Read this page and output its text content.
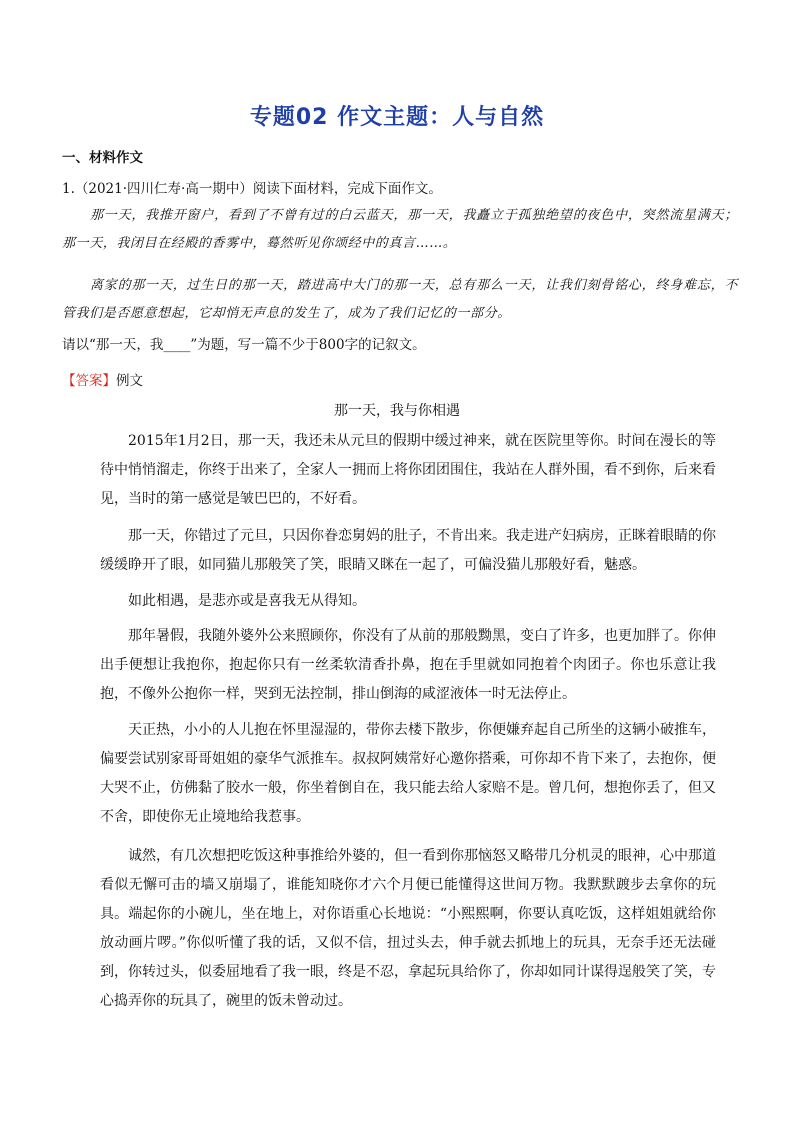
专题02 作文主题：人与自然
一、材料作文
1.（2021·四川仁寿·高一期中）阅读下面材料，完成下面作文。
那一天，我推开窗户，看到了不曾有过的白云蓝天，那一天，我矗立于孤独绝望的夜色中，突然流星满天；那一天，我闭目在经殿的香雾中，蓦然听见你颂经中的真言……。
离家的那一天，过生日的那一天，踏进高中大门的那一天，总有那么一天，让我们刻骨铭心，终身难忘，不管我们是否愿意想起，它却悄无声息的发生了，成为了我们记忆的一部分。
请以“那一天，我____”为题，写一篇不少于800字的记叙文。
【答案】例文
那一天，我与你相遇
2015年1月2日，那一天，我还未从元旦的假期中缓过神来，就在医院里等你。时间在漫长的等待中悄悄溜走，你终于出来了，全家人一拥而上将你团团围住，我站在人群外围，看不到你，后来看见，当时的第一感觉是皱巴巴的，不好看。
那一天，你错过了元旦，只因你眷恋舅妈的肚子，不肯出来。我走进产妇病房，正眯着眼睛的你缓缓睁开了眼，如同猫儿那般笑了笑，眼睛又眯在一起了，可偏没猫儿那般好看，魅惑。
如此相遇，是悲亦或是喜我无从得知。
那年暑假，我随外婆外公来照顾你，你没有了从前的那般黝黑，变白了许多，也更加胖了。你伸出手便想让我抱你，抱起你只有一丝柔软清香扑鼻，抱在手里就如同抱着个肉团子。你也乐意让我抱，不像外公抱你一样，哭到无法控制，排山倒海的咸涩液体一时无法停止。
天正热，小小的人儿抱在怀里湿湿的，带你去楼下散步，你便嫌弃起自己所坐的这辆小破推车，偏要尝试别家哥哥姐姐的豪华气派推车。叔叔阿姨常好心邀你搭乘，可你却不肯下来了，去抱你，便大哭不止，仿佛黏了胶水一般，你坐着倒自在，我只能去给人家赔不是。曾几何，想抱你丢了，但又不舍，即使你无止境地给我惹事。
诚然，有几次想把吃饭这种事推给外婆的，但一看到你那恼怒又略带几分机灵的眼神，心中那道看似无懈可击的墙又崩塌了，谁能知晓你才六个月便已能懂得这世间万物。我默默踱步去拿你的玩具。端起你的小碗儿，坐在地上，对你语重心长地说：“小熙熙啊，你要认真吃饭，这样姐姐就给你放动画片啰。”你似听懂了我的话，又似不信，扭过头去，伸手就去抓地上的玩具，无奈手还无法碰到，你转过头，似委屈地看了我一眼，终是不忍，拿起玩具给你了，你却如同计谋得逞般笑了笑，专心捣弄你的玩具了，碗里的饭未曾动过。
